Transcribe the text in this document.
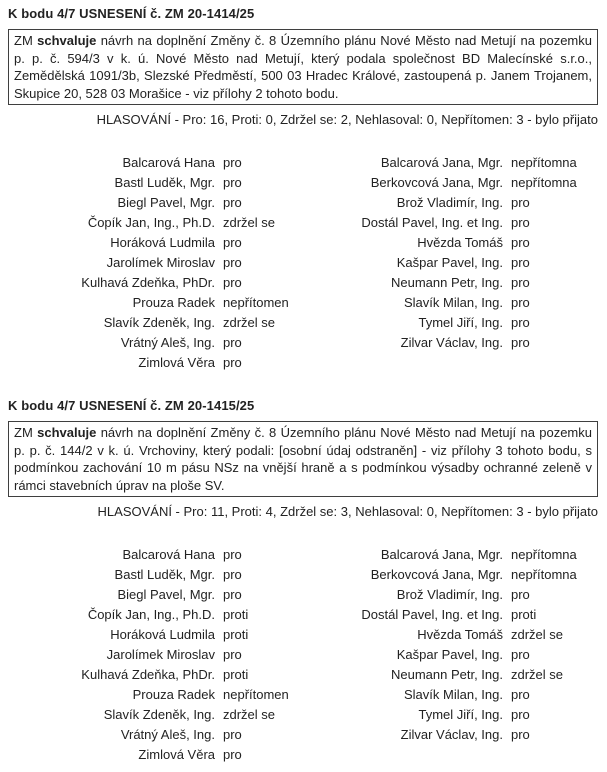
K bodu 4/7 USNESENÍ č. ZM 20-1414/25

ZM schvaluje návrh na doplnění Změny č. 8 Územního plánu Nové Město nad Metují na pozemku p. p. č. 594/3 v k. ú. Nové Město nad Metují, který podala společnost BD Malecínské s.r.o., Zemědělská 1091/3b, Slezské Předměstí, 500 03 Hradec Králové, zastoupená p. Janem Trojanem, Skupice 20, 528 03 Morašice - viz přílohy 2 tohoto bodu.

HLASOVÁNÍ - Pro: 16, Proti: 0, Zdržel se: 2, Nehlasoval: 0, Nepřítomen: 3 - bylo přijato
Balcarová Hana pro
Bastl Luděk, Mgr. pro
Biegl Pavel, Mgr. pro
Čopík Jan, Ing., Ph.D. zdržel se
Horáková Ludmila pro
Jarolímek Miroslav pro
Kulhavá Zdeňka, PhDr. pro
Prouza Radek nepřítomen
Slavík Zdeněk, Ing. zdržel se
Vrátný Aleš, Ing. pro
Zimlová Věra pro
Balcarová Jana, Mgr. nepřítomna
Berkovcová Jana, Mgr. nepřítomna
Brož Vladimír, Ing. pro
Dostál Pavel, Ing. et Ing. pro
Hvězda Tomáš pro
Kašpar Pavel, Ing. pro
Neumann Petr, Ing. pro
Slavík Milan, Ing. pro
Tymel Jiří, Ing. pro
Zilvar Václav, Ing. pro
K bodu 4/7 USNESENÍ č. ZM 20-1415/25

ZM schvaluje návrh na doplnění Změny č. 8 Územního plánu Nové Město nad Metují na pozemku p. p. č. 144/2 v k. ú. Vrchoviny, který podali: [osobní údaj odstraněn] - viz přílohy 3 tohoto bodu, s podmínkou zachování 10 m pásu NSz na vnější hraně a s podmínkou výsadby ochranné zeleně v rámci stavebních úprav na ploše SV.

HLASOVÁNÍ - Pro: 11, Proti: 4, Zdržel se: 3, Nehlasoval: 0, Nepřítomen: 3 - bylo přijato
Balcarová Hana pro
Bastl Luděk, Mgr. pro
Biegl Pavel, Mgr. pro
Čopík Jan, Ing., Ph.D. proti
Horáková Ludmila proti
Jarolímek Miroslav pro
Kulhavá Zdeňka, PhDr. proti
Prouza Radek nepřítomen
Slavík Zdeněk, Ing. zdržel se
Vrátný Aleš, Ing. pro
Zimlová Věra pro
Balcarová Jana, Mgr. nepřítomna
Berkovcová Jana, Mgr. nepřítomna
Brož Vladimír, Ing. pro
Dostál Pavel, Ing. et Ing. proti
Hvězda Tomáš zdržel se
Kašpar Pavel, Ing. pro
Neumann Petr, Ing. zdržel se
Slavík Milan, Ing. pro
Tymel Jiří, Ing. pro
Zilvar Václav, Ing. pro
